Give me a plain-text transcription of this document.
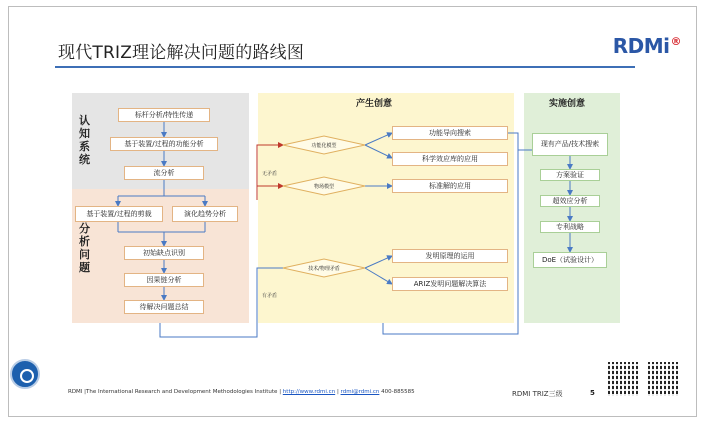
现代TRIZ理论解决问题的路线图	RDMi®
认知系统
分析问题
产生创意	实施创意
标杆分析/特性传递
基于装置/过程的功能分析
流分析
基于装置/过程的剪裁	演化趋势分析
初始缺点识别
因果链分析
待解决问题总结
功能化模型
物场模型
技术/物理矛盾
无矛盾
有矛盾
功能导向搜索
科学效应库的应用
标准解的应用
发明原理的运用
ARIZ发明问题解决算法
现有产品/技术搜索
方案验证
超效应分析
专利战略
DoE（试验设计）
RDMI |The International Research and Development Methodologies Institute | http://www.rdmi.cn | rdmi@rdmi.cn 400-885585	RDMI TRIZ三级	5
